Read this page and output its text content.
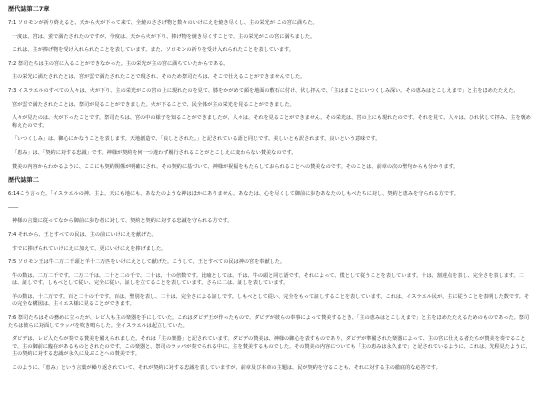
歴代誌第二7章

7:1 ソロモンが祈り終えると、天から火が下って来て、全焼のささげ物と数々のいけにえを焼き尽くし、主の栄光が この宮に満ちた。

一度は、宮は、蛍で満たされたのですが、今度は、天から火が下り、捧げ物を焼き尽くすことで、主の栄光がこの宮に満ちました。

これは、主が捧げ物を受け入れられたことを表しています。また、ソロモンの祈りを受け入れられたことを表しています。

7:2 祭司たちは主の宮に入ることができなかった。主の栄光が主の宮に満ちていたからである。

主の栄光に満たされたとは、宮が雲で満たされたことで現され、そのため祭司たちは、そこで仕えることができませんでした。

7:3 イスラエルのすべての人々は、火が下り、主の栄光がこの宮の上に現れたのを見て、膝をかがめて顔を地面の敷石に付け、伏し拝んで、「主はまことにいつくしみ深い。その恵みはとこしえまで」と主をほめたたえた。

宮が雲で満たされたことは、祭司が見ることができました。火が下ることで、民全体が主の栄光を見ることができました。

人々が見たのは、火が下ったことです。祭司たちは、宮の中の様子を知ることができましたが、人々は、それを見ることができません。その栄光は、宮の上にも現れたのです。それを見て、人々は、ひれ伏して拝み、主を褒め称えたのです。

「いつくしみ」は、御心にかなうことを表します。天地創造で、「良しとされた。」と記されている語と同じです。美しいとも訳されます。良いという意味です。

「恵み」は、「契約に対する忠誠」です。神様が契約を何一つ違わず履行されることがとこしえに変わらない賛美なのです。

賛美の内容からわかるように、ここにも契約関係が明確にされ、その契約に基づいて、神様が祝福をもたらしておられることへの賛美なのです。そのことは、前章の次の聖句からも分かります。

歴代誌第二

6:14こう言った。「イスラエルの神、主よ。天にも地にも、あなたのような神はほかにありません。あなたは、心を尽くして御前に歩むあなたのしもべたちに対し、契約と恵みを守られる方です。

――

神様の言葉に従ってなから御前に歩む者に対して、契約と契約に対する忠誠を守られる方です。

7:4 それから、王とすべての民は、主の前にいけにえを献げた。

すでに捧げられていけにえに加えて、更にいけにえを捧げました。

7:5 ソロモン王は牛二万二千頭と羊十二万匹をいけにえとして献げた。こうして、王とすべての民は神の宮を奉献した。

牛の数は、二万二千です。二万二千は、二十と二の千で、二十は、十の倍数です。比喩としては、千は、牛の頭と同じ語です。それによって、僕として従うことを表しています。十は、割達点を表し、完全さを表します。二は、証しです。しもべとして従い、完全に従い、証しを立てることを表しています。さらに二は、証しを表しています。

羊の数は、十二万です。百と二十の千です。百は、聖別を表し、二十は、完全さによる証しです。しもべとして従い、完全をもって証しすることを表しています。これは、イスラエル民が、主に従うことを表明した数です。その完全な構図は、主イエス様に見ることができます。

7:6 祭司たちはその務めに立ったが、レビ人も主の楽器を手にしていた。これはダビデ王が作ったもので、ダビデが彼らの奉事によって賛美するとき、「主の恵みはとこしえまで」と主をほめたたえるためのものであった。祭司たちは彼らに対面してラッパを吹き鳴らした。全イスラエルは起立していた。

ダビデは、レビ人たちが奏でる賛美を備えられました。それは「主の楽器」と記されています。ダビデの賛美は、神様の御心を表すものであり、ダビデが準備された楽器によって、主の宮に仕える者たちが賛美を奏でることで、主の御前に臨在があるものとされたのです。この楽器と、祭司のラッパが奏でられる中に、主を賛美するものでした。その賛美の内容についても「主の恵みは永久まで」と記されているように、これは、先程見たように、主の契約に対する忠誠が永久に及ぶことへの賛美です。

このように、「恵み」という言葉が繰り返されていて、それが契約に対する忠誠を表していますが、前章及び本章の主題は、民が契約を守ることも、それに対する主の徹底的な応答です。
